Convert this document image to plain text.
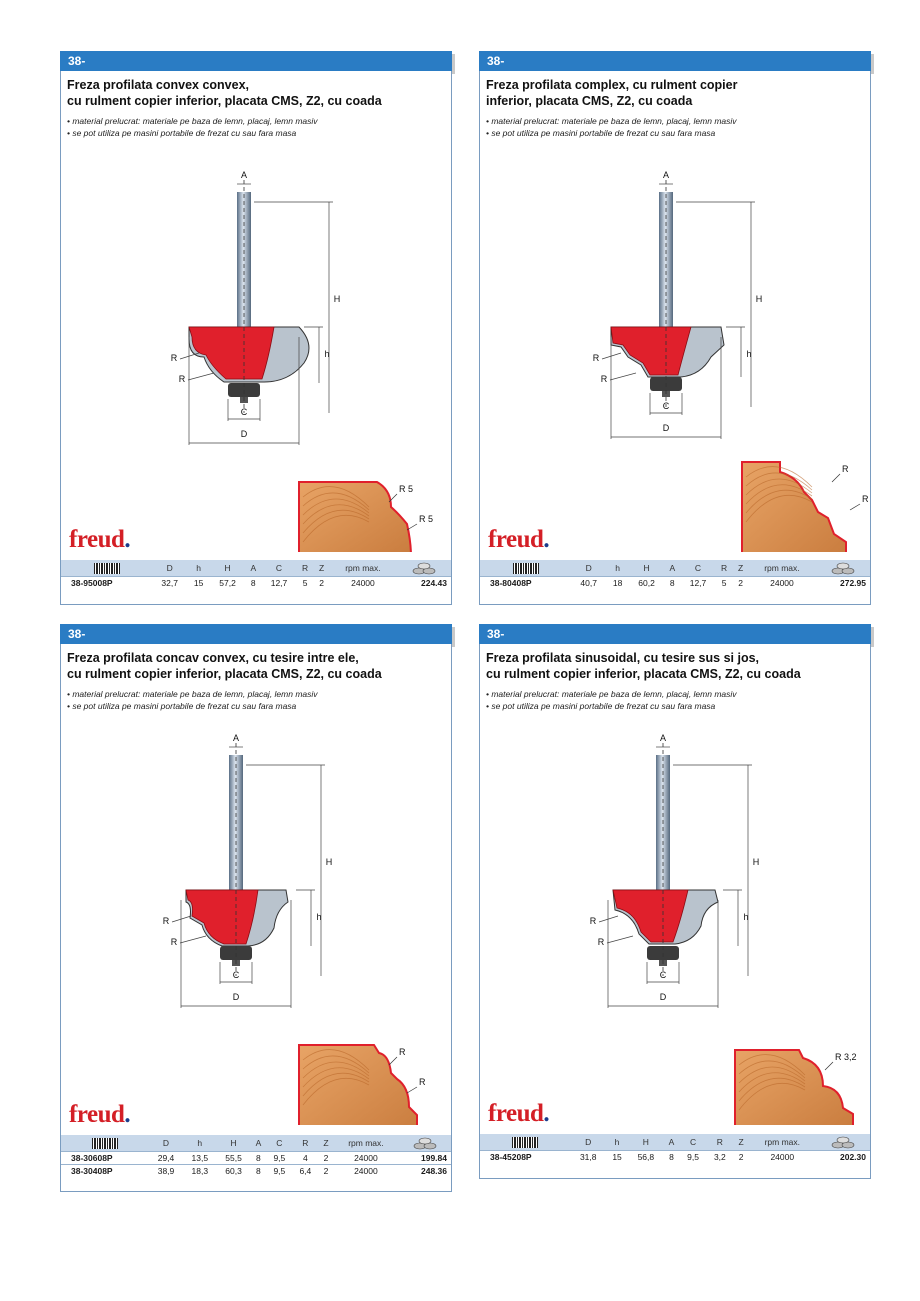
38-
Freza profilata convex convex,
cu rulment copier inferior, placata CMS, Z2, cu coada
• material prelucrat: materiale pe baza de lemn, placaj, lemn masiv
• se pot utiliza pe masini portabile de frezat cu sau fara masa
A
H
h
R
R
C
D
R 5
R 5
freud.
	D	h	H	A	C	R	Z	rpm max.	
38-95008P	32,7	15	57,2	8	12,7	5	2	24000	224.43
38-
Freza profilata complex, cu rulment copier
inferior, placata CMS, Z2, cu coada
• material prelucrat: materiale pe baza de lemn, placaj, lemn masiv
• se pot utiliza pe masini portabile de frezat cu sau fara masa
A
H
h
R
R
C
D
R
R
freud.
	D	h	H	A	C	R	Z	rpm max.	
38-80408P	40,7	18	60,2	8	12,7	5	2	24000	272.95
38-
Freza profilata concav convex, cu tesire intre ele,
cu rulment copier inferior, placata CMS, Z2, cu coada
• material prelucrat: materiale pe baza de lemn, placaj, lemn masiv
• se pot utiliza pe masini portabile de frezat cu sau fara masa
A
H
h
R
R
C
D
R
R
freud.
	D	h	H	A	C	R	Z	rpm max.	
38-30608P	29,4	13,5	55,5	8	9,5	4	2	24000	199.84
38-30408P	38,9	18,3	60,3	8	9,5	6,4	2	24000	248.36
38-
Freza profilata sinusoidal, cu tesire sus si jos,
cu rulment copier inferior, placata CMS, Z2, cu coada
• material prelucrat: materiale pe baza de lemn, placaj, lemn masiv
• se pot utiliza pe masini portabile de frezat cu sau fara masa
A
H
h
R
R
C
D
R 3,2
freud.
	D	h	H	A	C	R	Z	rpm max.	
38-45208P	31,8	15	56,8	8	9,5	3,2	2	24000	202.30
